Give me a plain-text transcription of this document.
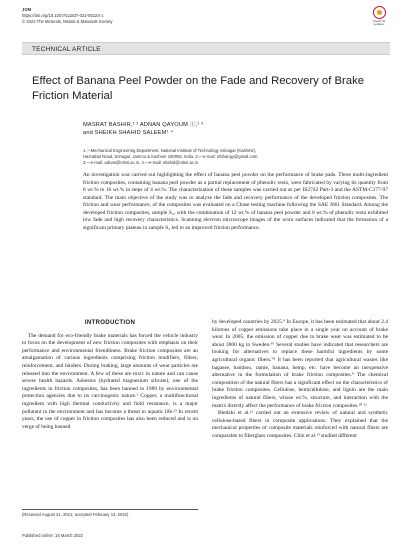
JOM
https://doi.org/10.1007/s11837-022-05223-1
© 2022 The Minerals, Metals & Materials Society	Check for updates
TECHNICAL ARTICLE
Effect of Banana Peel Powder on the Fade and Recovery of Brake Friction Material
MASRAT BASHIR,¹ ² ADNAN QAYOUM ⓘ,¹ ³
and SHEIKH SHAHID SALEEM¹ ⁴
1.—Mechanical Engineering Department, National Institute of Technology Srinagar (Kashmir),
Hazratbal Road, Srinagar, Jammu & Kashmir 190006, India. 2.—e-mail: mbhangy@gmail.com.
3.—e-mail: adnan@nitsri.ac.in. 4.—e-mail: shahid@nitsri.ac.in
An investigation was carried out highlighting the effect of banana peel powder on the performance of brake pads. Three multi-ingredient friction composites, containing banana peel powder as a partial replacement of phenolic resin, were fabricated by varying its quantity from 8 wt.% to 16 wt.% in steps of 4 wt.%. The characterization of these samples was carried out as per IS2742 Part-3 and the ASTM-C177-97 standard. The main objective of the study was to analyze the fade and recovery performance of the developed friction composites. The friction and wear performance, of the composites was evaluated on a Chase testing machine following the SAE J661 Standard. Among the developed friction composites, sample S₂, with the combination of 12 wt.% of banana peel powder and 6 wt.% of phenolic resin exhibited low fade and high recovery characteristics. Scanning electron microscope images of the worn surfaces indicated that the formation of a significant primary plateau in sample S₂ led to an improved friction performance.
INTRODUCTION

The demand for eco-friendly brake materials has forced the vehicle industry to focus on the development of new friction composites with emphasis on their performance and environmental friendliness. Brake friction composites are an amalgamation of various ingredients comprising friction modifiers, fillers, reinforcement, and binders. During braking, large amounts of wear particles are released into the environment. A few of these are toxic in nature and can cause severe health hazards. Asbestos (hydrated magnesium silicate), one of the ingredients in friction composites, has been banned in 1989 by environmental protection agencies due to its carcinogenic nature.¹ Copper, a multifunctional ingredient with high thermal conductivity and field resistance, is a major pollutant in the environment and has become a threat to aquatic life.²³ In recent years, the use of copper in friction composites has also been reduced and is on verge of being banned

by developed countries by 2025.⁴ In Europe, it has been estimated that about 2.4 kilotons of copper emissions take place in a single year on account of brake wear. In 2005, the emission of copper due to brake wear was estimated to be about 3800 kg in Sweden.⁵⁶ Several studies have indicated that researchers are looking for alternatives to replace these harmful ingredients by some agricultural organic fibers.⁷⁸ It has been reported that agricultural wastes like bagasse, bamboo, ramie, banana, hemp, etc. have become an inexpensive alternative in the formulation of brake friction composites.⁹ The chemical composition of the natural fibers has a significant effect on the characteristics of brake friction composites. Cellulose, hemicellulose, and lignin are the main ingredients of natural fibers, whose wt.%, structure, and interaction with the matrix directly affect the performance of brake friction composites.¹⁰ ¹¹

Bledzki et al.¹² carried out an extensive review of natural and synthetic cellulose-based fibers in composite applications. They explained that the mechanical properties of composite materials reinforced with natural fibers are comparable to fiberglass composites. Chin et al.¹³ studied different

(Received August 31, 2021; accepted February 13, 2022)
Published online: 15 March 2022
